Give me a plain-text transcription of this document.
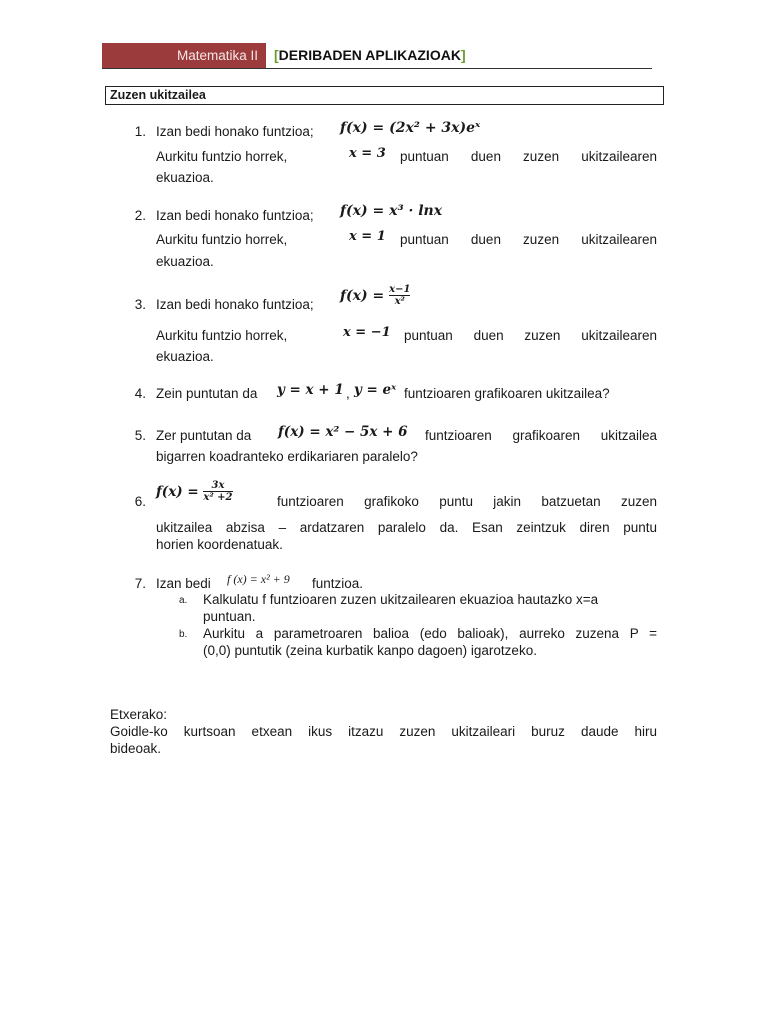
Matematika II	[DERIBADEN APLIKAZIOAK]
Zuzen ukitzailea
1. Izan bedi honako funtzioa; f(x) = (2x² + 3x)eˣ
Aurkitu funtzio horrek,	x = 3 puntuan duen zuzen ukitzailearen
ekuazioa.
2. Izan bedi honako funtzioa; f(x) = x³ · lnx
Aurkitu funtzio horrek,	x = 1 puntuan duen zuzen ukitzailearen
ekuazioa.
3. Izan bedi honako funtzioa;
f(x) =
$\frac{x-1}{\text{x²}}$
Aurkitu funtzio horrek,	x = −1 puntuan duen zuzen ukitzailearen
ekuazioa.
4. Zein puntutan da y = x + 1 , y = eˣ funtzioaren grafikoaren ukitzailea?
5. Zer puntutan da f(x) = x² − 5x + 6 funtzioaren grafikoaren ukitzailea
bigarren koadranteko erdikariaren paralelo?
6.
f(x) =
$\frac{3x}{\text{x² +2}}$	funtzioaren grafikoko puntu jakin batzuetan zuzen
ukitzailea abzisa – ardatzaren paralelo da. Esan zeintzuk diren puntu
horien koordenatuak.
7. Izan bedi f (x) = x² + 9 funtzioa.
a. Kalkulatu f funtzioaren zuzen ukitzailearen ekuazioa hautazko x=a
puntuan.
b. Aurkitu a parametroaren balioa (edo balioak), aurreko zuzena P =
(0,0) puntutik (zeina kurbatik kanpo dagoen) igarotzeko.
Etxerako:
Goidle-ko kurtsoan etxean ikus itzazu zuzen ukitzaileari buruz daude hiru
bideoak.
